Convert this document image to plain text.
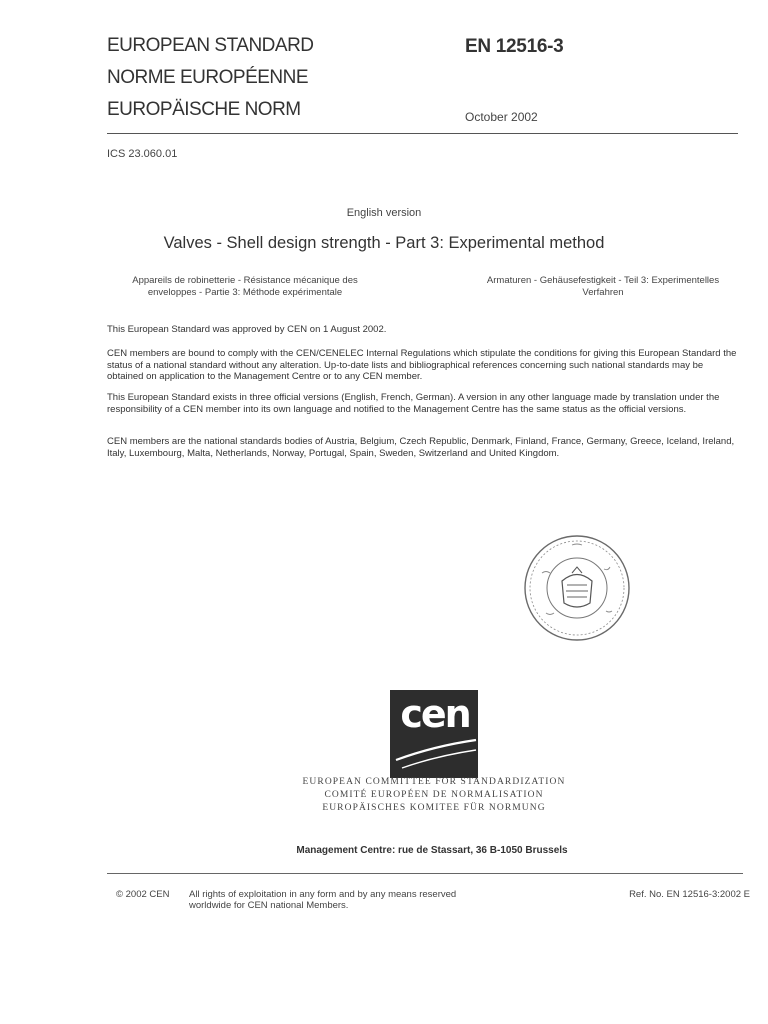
EUROPEAN STANDARD
NORME EUROPÉENNE
EUROPÄISCHE NORM
EN 12516-3
October 2002
ICS 23.060.01
English version
Valves - Shell design strength - Part 3: Experimental method
Appareils de robinetterie - Résistance mécanique des enveloppes - Partie 3: Méthode expérimentale
Armaturen - Gehäusefestigkeit - Teil 3: Experimentelles Verfahren
This European Standard was approved by CEN on 1 August 2002.
CEN members are bound to comply with the CEN/CENELEC Internal Regulations which stipulate the conditions for giving this European Standard the status of a national standard without any alteration. Up-to-date lists and bibliographical references concerning such national standards may be obtained on application to the Management Centre or to any CEN member.
This European Standard exists in three official versions (English, French, German). A version in any other language made by translation under the responsibility of a CEN member into its own language and notified to the Management Centre has the same status as the official versions.
CEN members are the national standards bodies of Austria, Belgium, Czech Republic, Denmark, Finland, France, Germany, Greece, Iceland, Ireland, Italy, Luxembourg, Malta, Netherlands, Norway, Portugal, Spain, Sweden, Switzerland and United Kingdom.
cen
EUROPEAN COMMITTEE FOR STANDARDIZATION
COMITÉ EUROPÉEN DE NORMALISATION
EUROPÄISCHES KOMITEE FÜR NORMUNG
Management Centre: rue de Stassart, 36 B-1050 Brussels
© 2002 CEN All rights of exploitation in any form and by any means reserved worldwide for CEN national Members.
Ref. No. EN 12516-3:2002 E
